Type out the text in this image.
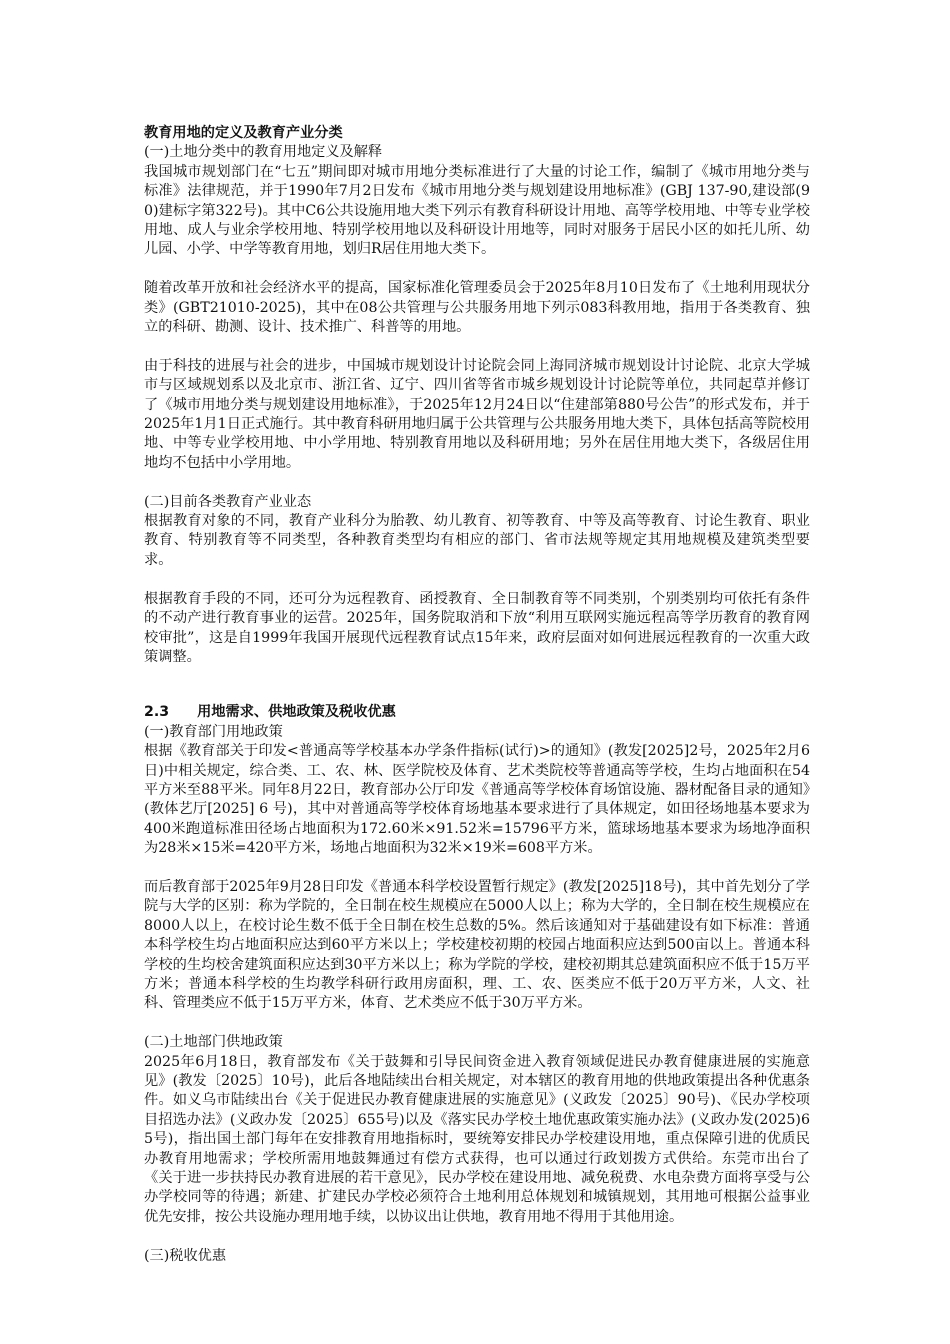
教育用地的定义及教育产业分类

(一)土地分类中的教育用地定义及解释

我国城市规划部门在“七五”期间即对城市用地分类标准进行了大量的讨论工作，编制了《城市用地分类与标准》法律规范，并于1990年7月2日发布《城市用地分类与规划建设用地标准》(GBJ 137-90,建设部(90)建标字第322号)。其中C6公共设施用地大类下列示有教育科研设计用地、高等学校用地、中等专业学校用地、成人与业余学校用地、特别学校用地以及科研设计用地等，同时对服务于居民小区的如托儿所、幼儿园、小学、中学等教育用地，划归R居住用地大类下。

随着改革开放和社会经济水平的提高，国家标准化管理委员会于2025年8月10日发布了《土地利用现状分类》(GBT21010-2025)，其中在08公共管理与公共服务用地下列示083科教用地，指用于各类教育、独立的科研、勘测、设计、技术推广、科普等的用地。

由于科技的进展与社会的进步，中国城市规划设计讨论院会同上海同济城市规划设计讨论院、北京大学城市与区域规划系以及北京市、浙江省、辽宁、四川省等省市城乡规划设计讨论院等单位，共同起草并修订了《城市用地分类与规划建设用地标准》，于2025年12月24日以“住建部第880号公告”的形式发布，并于2025年1月1日正式施行。其中教育科研用地归属于公共管理与公共服务用地大类下，具体包括高等院校用地、中等专业学校用地、中小学用地、特别教育用地以及科研用地；另外在居住用地大类下，各级居住用地均不包括中小学用地。

(二)目前各类教育产业业态

根据教育对象的不同，教育产业科分为胎教、幼儿教育、初等教育、中等及高等教育、讨论生教育、职业教育、特别教育等不同类型，各种教育类型均有相应的部门、省市法规等规定其用地规模及建筑类型要求。

根据教育手段的不同，还可分为远程教育、函授教育、全日制教育等不同类别，个别类别均可依托有条件的不动产进行教育事业的运营。2025年，国务院取消和下放“利用互联网实施远程高等学历教育的教育网校审批”，这是自1999年我国开展现代远程教育试点15年来，政府层面对如何进展远程教育的一次重大政策调整。

2.3 用地需求、供地政策及税收优惠

(一)教育部门用地政策

根据《教育部关于印发<普通高等学校基本办学条件指标(试行)>的通知》(教发[2025]2号，2025年2月6日)中相关规定，综合类、工、农、林、医学院校及体育、艺术类院校等普通高等学校，生均占地面积在54平方米至88平米。同年8月22日，教育部办公厅印发《普通高等学校体育场馆设施、器材配备目录的通知》(教体艺厅[2025] 6 号)，其中对普通高等学校体育场地基本要求进行了具体规定，如田径场地基本要求为400米跑道标准田径场占地面积为172.60米×91.52米=15796平方米，篮球场地基本要求为场地净面积为28米×15米=420平方米，场地占地面积为32米×19米=608平方米。

而后教育部于2025年9月28日印发《普通本科学校设置暂行规定》(教发[2025]18号)，其中首先划分了学院与大学的区别：称为学院的，全日制在校生规模应在5000人以上；称为大学的，全日制在校生规模应在8000人以上，在校讨论生数不低于全日制在校生总数的5%。然后该通知对于基础建设有如下标准：普通本科学校生均占地面积应达到60平方米以上；学校建校初期的校园占地面积应达到500亩以上。普通本科学校的生均校舍建筑面积应达到30平方米以上；称为学院的学校，建校初期其总建筑面积应不低于15万平方米；普通本科学校的生均教学科研行政用房面积，理、工、农、医类应不低于20万平方米，人文、社科、管理类应不低于15万平方米，体育、艺术类应不低于30万平方米。

(二)土地部门供地政策

2025年6月18日，教育部发布《关于鼓舞和引导民间资金进入教育领域促进民办教育健康进展的实施意见》(教发〔2025〕10号)，此后各地陆续出台相关规定，对本辖区的教育用地的供地政策提出各种优惠条件。如义乌市陆续出台《关于促进民办教育健康进展的实施意见》(义政发〔2025〕90号)、《民办学校项目招选办法》(义政办发〔2025〕655号)以及《落实民办学校土地优惠政策实施办法》(义政办发(2025)65号)，指出国土部门每年在安排教育用地指标时，要统筹安排民办学校建设用地，重点保障引进的优质民办教育用地需求；学校所需用地鼓舞通过有偿方式获得，也可以通过行政划拨方式供给。东莞市出台了《关于进一步扶持民办教育进展的若干意见》，民办学校在建设用地、减免税费、水电杂费方面将享受与公办学校同等的待遇；新建、扩建民办学校必须符合土地利用总体规划和城镇规划，其用地可根据公益事业优先安排，按公共设施办理用地手续，以协议出让供地，教育用地不得用于其他用途。

(三)税收优惠
